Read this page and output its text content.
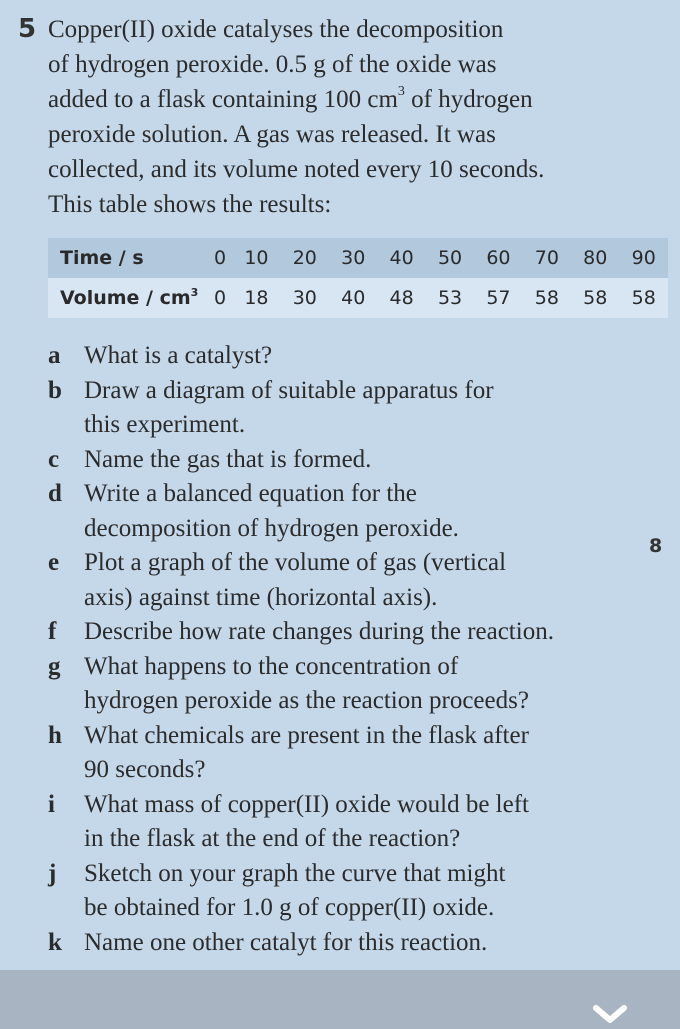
5 Copper(II) oxide catalyses the decomposition

of hydrogen peroxide. 0.5 g of the oxide was

added to a flask containing 100 $cm^3$ of hydrogen

peroxide solution. A gas was released. It was

collected, and its volume noted every 10 seconds.

This table shows the results:

Time / s	0	10	20	30	40	50	60	70	80	90
Volume / $cm^3$	0	18	30	40	48	53	57	58	58	58
a What is a catalyst?
b Draw a diagram of suitable apparatus for
this experiment.
c Name the gas that is formed.
d Write a balanced equation for the
decomposition of hydrogen peroxide.
e Plot a graph of the volume of gas (vertical
axis) against time (horizontal axis).
f	Describe how rate changes during the reaction.
g What happens to the concentration of
hydrogen peroxide as the reaction proceeds?
h What chemicals are present in the flask after
90 seconds?
i	What mass of copper(II) oxide would be left
in the flask at the end of the reaction?
j	Sketch on your graph the curve that might
be obtained for 1.0 g of copper(II) oxide.
k Name one other catalyt for this reaction.
8
